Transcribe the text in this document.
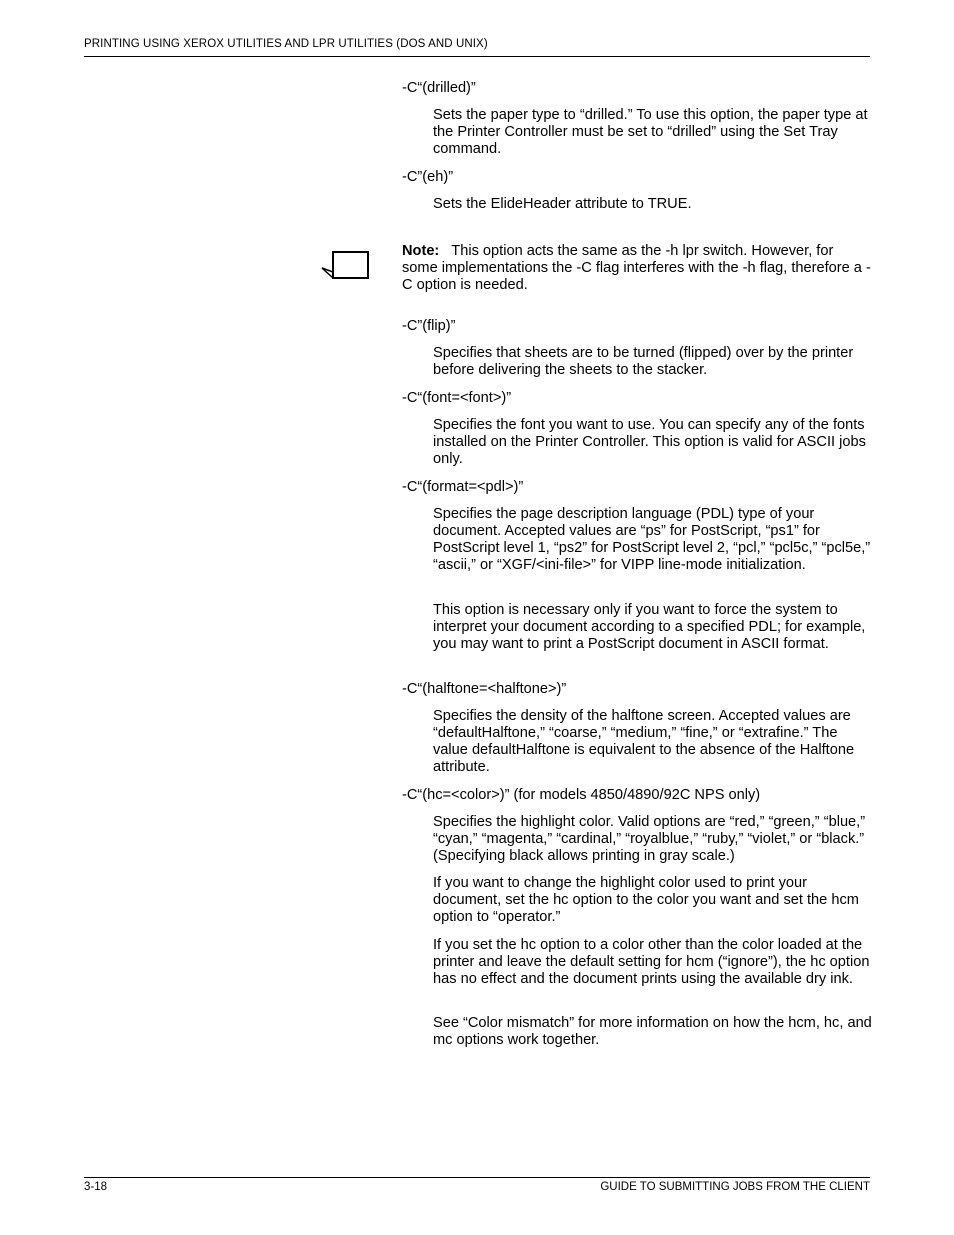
PRINTING USING XEROX UTILITIES AND LPR UTILITIES (DOS AND UNIX)
-C“(drilled)”
Sets the paper type to “drilled.” To use this option, the paper type at the Printer Controller must be set to “drilled” using the Set Tray command.
-C”(eh)”
Sets the ElideHeader attribute to TRUE.
Note: This option acts the same as the -h lpr switch. However, for some implementations the -C flag interferes with the -h flag, therefore a -C option is needed.
-C”(flip)”
Specifies that sheets are to be turned (flipped) over by the printer before delivering the sheets to the stacker.
-C“(font=<font>)”
Specifies the font you want to use. You can specify any of the fonts installed on the Printer Controller. This option is valid for ASCII jobs only.
-C“(format=<pdl>)”
Specifies the page description language (PDL) type of your document. Accepted values are “ps” for PostScript, “ps1” for PostScript level 1, “ps2” for PostScript level 2, “pcl,” “pcl5c,” “pcl5e,” “ascii,” or “XGF/<ini-file>” for VIPP line-mode initialization.
This option is necessary only if you want to force the system to interpret your document according to a specified PDL; for example, you may want to print a PostScript document in ASCII format.
-C“(halftone=<halftone>)”
Specifies the density of the halftone screen. Accepted values are “defaultHalftone,” “coarse,” “medium,” “fine,” or “extrafine.” The value defaultHalftone is equivalent to the absence of the Halftone attribute.
-C“(hc=<color>)” (for models 4850/4890/92C NPS only)
Specifies the highlight color. Valid options are “red,” “green,” “blue,” “cyan,” “magenta,” “cardinal,” “royalblue,” “ruby,” “violet,” or “black.” (Specifying black allows printing in gray scale.)
If you want to change the highlight color used to print your document, set the hc option to the color you want and set the hcm option to “operator.”
If you set the hc option to a color other than the color loaded at the printer and leave the default setting for hcm (“ignore”), the hc option has no effect and the document prints using the available dry ink.
See “Color mismatch” for more information on how the hcm, hc, and mc options work together.
3-18	GUIDE TO SUBMITTING JOBS FROM THE CLIENT
